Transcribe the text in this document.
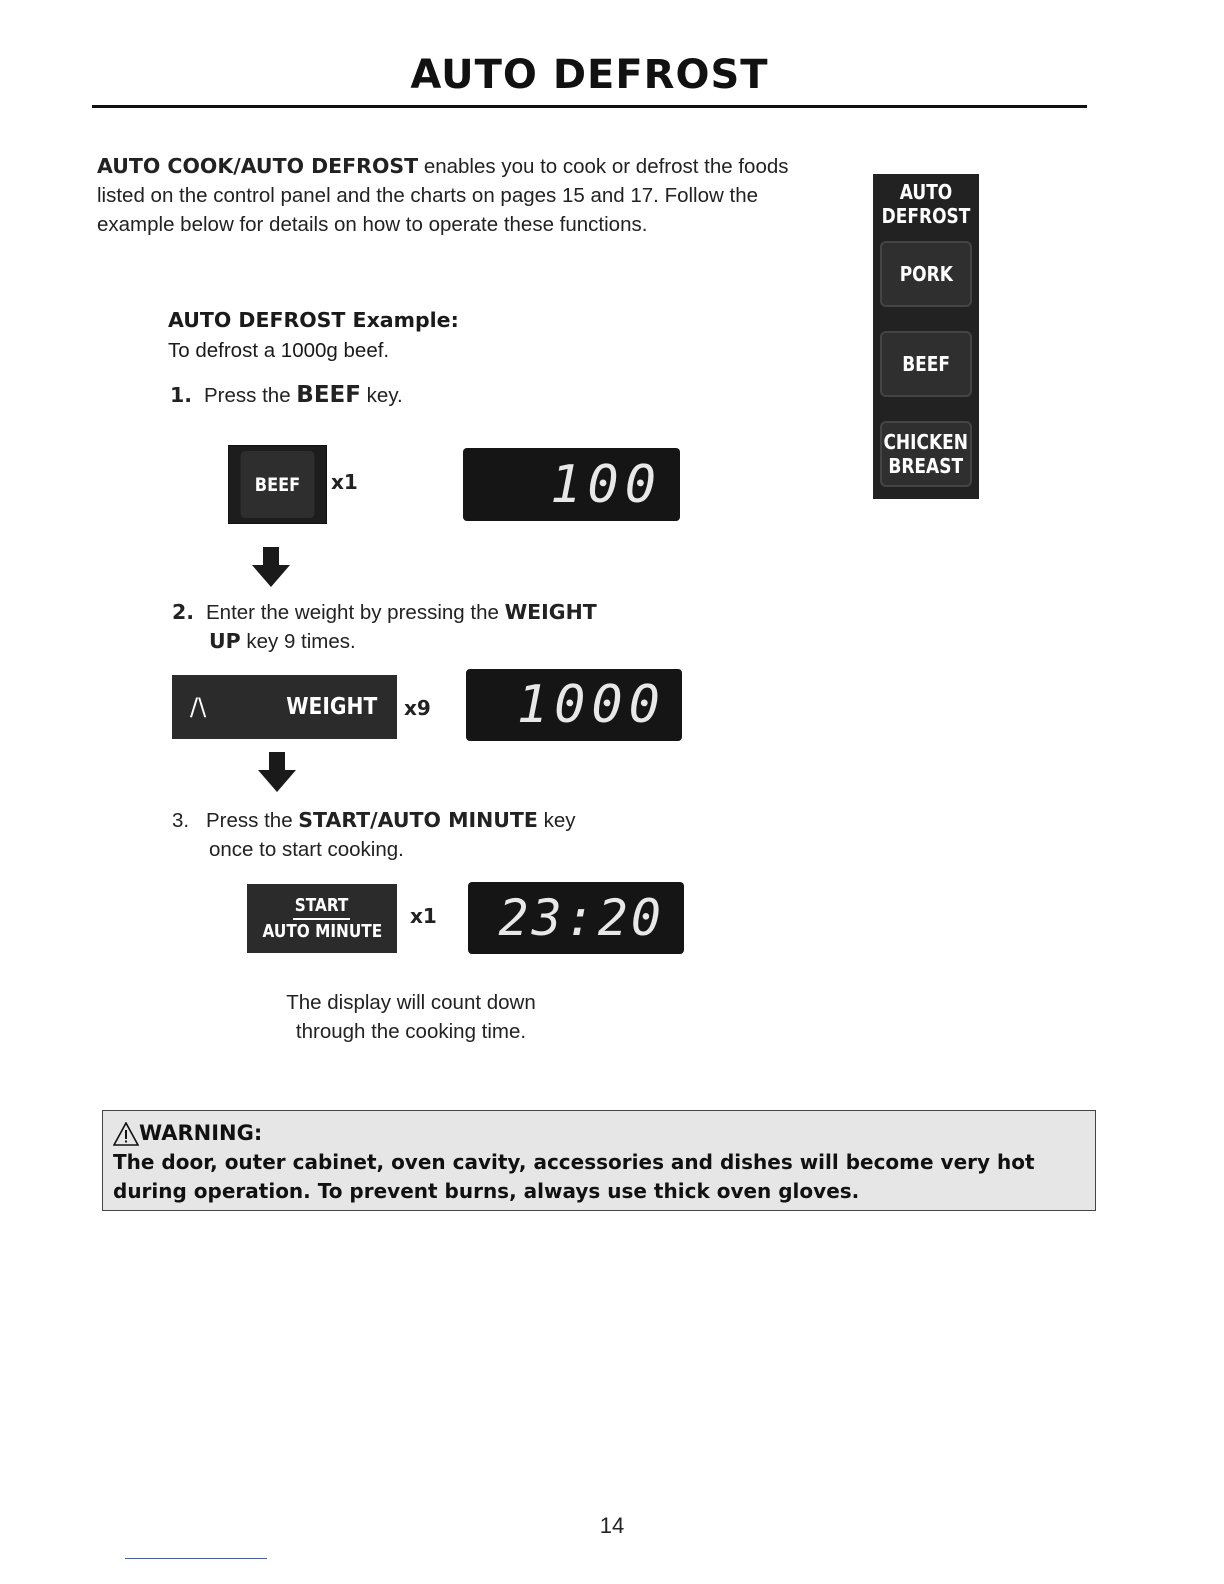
AUTO DEFROST
AUTO COOK/AUTO DEFROST enables you to cook or defrost the foods listed on the control panel and the charts on pages 15 and 17. Follow the example below for details on how to operate these functions.
AUTO DEFROST Example:
To defrost a 1000g beef.
1. Press the BEEF key.
BEEF	x1	100
2. Enter the weight by pressing the WEIGHT
UP key 9 times.
/\	WEIGHT x9	1000
3. Press the START/AUTO MINUTE key
once to start cooking.
START
AUTO MINUTE
x1	23:20
The display will count down through the cooking time.
AUTO DEFROST
PORK
BEEF
CHICKEN BREAST
WARNING:
The door, outer cabinet, oven cavity, accessories and dishes will become very hot during operation. To prevent burns, always use thick oven gloves.
14
